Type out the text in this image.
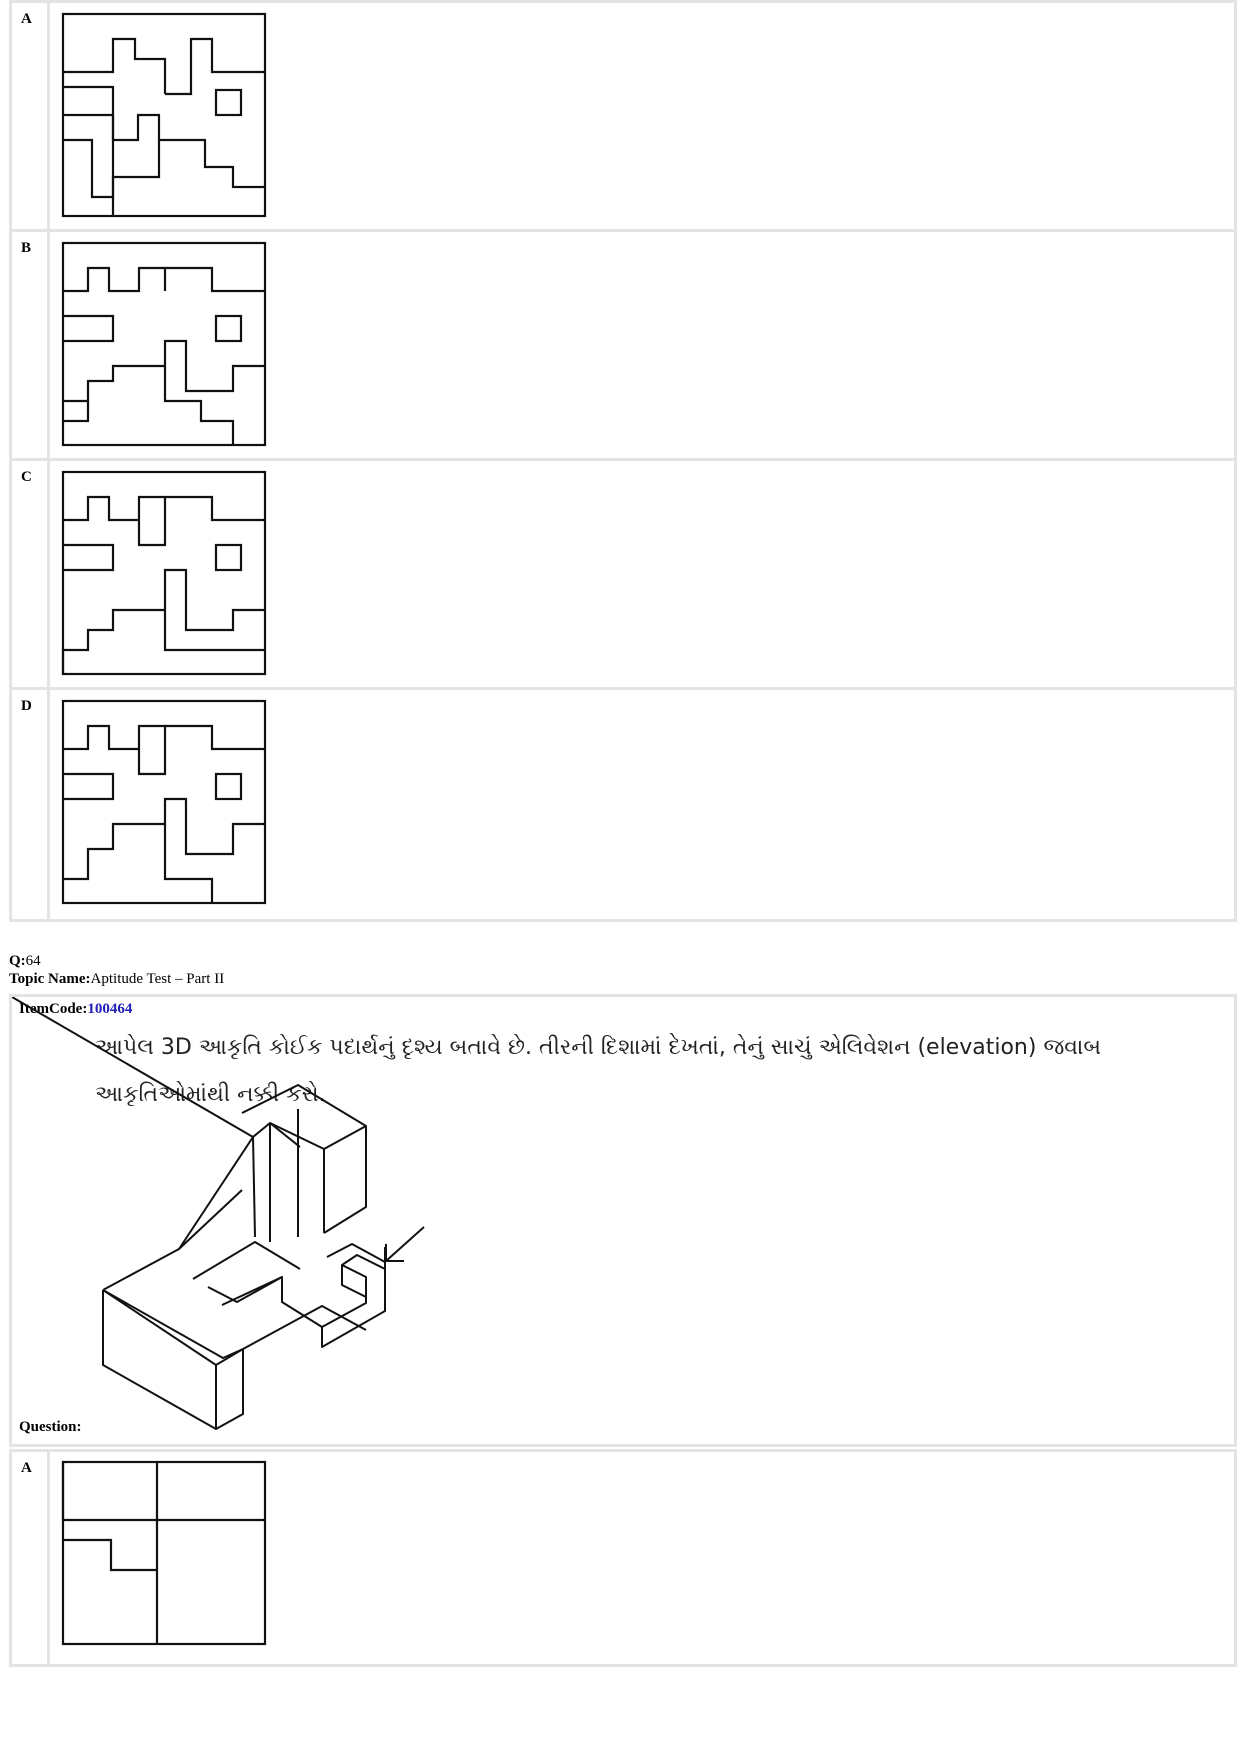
A
B
C
D
Q:64
Topic Name:Aptitude Test – Part II
ItemCode:100464
આપેલ 3D આકૃતિ કોઈક પદાર્થનું દૃશ્ય બતાવે છે. તીરની દિશામાં દેખતાં, તેનું સાચું એલિવેશન (elevation) જવાબ
આકૃતિઓમાંથી નક્કી કરો.
Question:
A
